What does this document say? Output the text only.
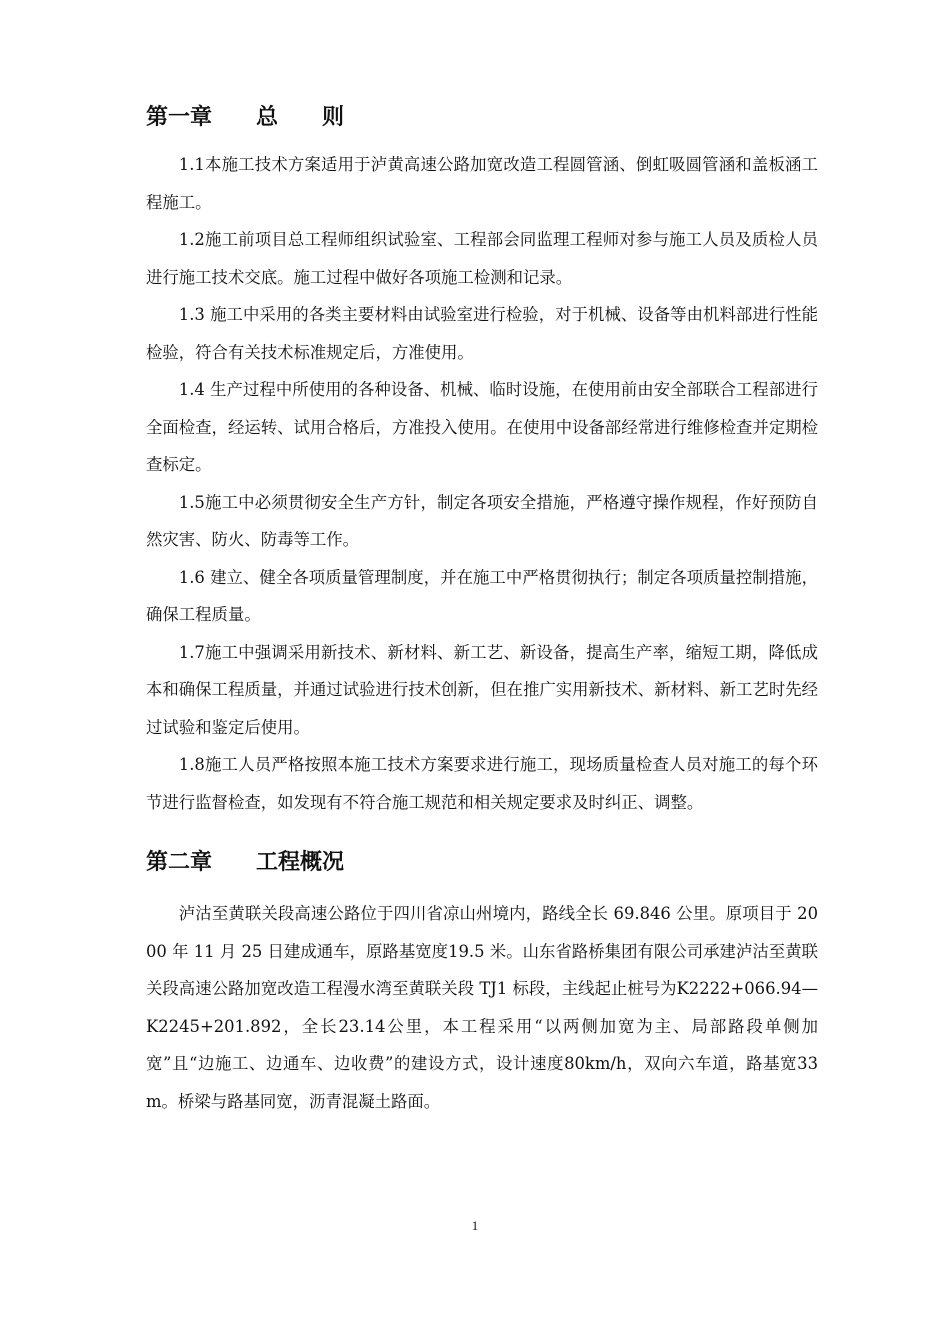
第一章　　总　　则

1.1本施工技术方案适用于泸黄高速公路加宽改造工程圆管涵、倒虹吸圆管涵和盖板涵工程施工。

1.2施工前项目总工程师组织试验室、工程部会同监理工程师对参与施工人员及质检人员进行施工技术交底。施工过程中做好各项施工检测和记录。

1.3 施工中采用的各类主要材料由试验室进行检验，对于机械、设备等由机料部进行性能检验，符合有关技术标准规定后，方准使用。

1.4 生产过程中所使用的各种设备、机械、临时设施，在使用前由安全部联合工程部进行全面检查，经运转、试用合格后，方准投入使用。在使用中设备部经常进行维修检查并定期检查标定。

1.5施工中必须贯彻安全生产方针，制定各项安全措施，严格遵守操作规程，作好预防自然灾害、防火、防毒等工作。

1.6 建立、健全各项质量管理制度，并在施工中严格贯彻执行；制定各项质量控制措施，确保工程质量。

1.7施工中强调采用新技术、新材料、新工艺、新设备，提高生产率，缩短工期，降低成本和确保工程质量，并通过试验进行技术创新，但在推广实用新技术、新材料、新工艺时先经过试验和鉴定后使用。

1.8施工人员严格按照本施工技术方案要求进行施工，现场质量检查人员对施工的每个环节进行监督检查，如发现有不符合施工规范和相关规定要求及时纠正、调整。

第二章　　工程概况

泸沽至黄联关段高速公路位于四川省凉山州境内，路线全长 69.846 公里。原项目于 2000 年 11 月 25 日建成通车，原路基宽度19.5 米。山东省路桥集团有限公司承建泸沽至黄联关段高速公路加宽改造工程漫水湾至黄联关段 TJ1 标段，主线起止桩号为K2222+066.94—K2245+201.892，全长23.14公里，本工程采用“以两侧加宽为主、局部路段单侧加宽”且“边施工、边通车、边收费”的建设方式，设计速度80km/h，双向六车道，路基宽33m。桥梁与路基同宽，沥青混凝土路面。

1
